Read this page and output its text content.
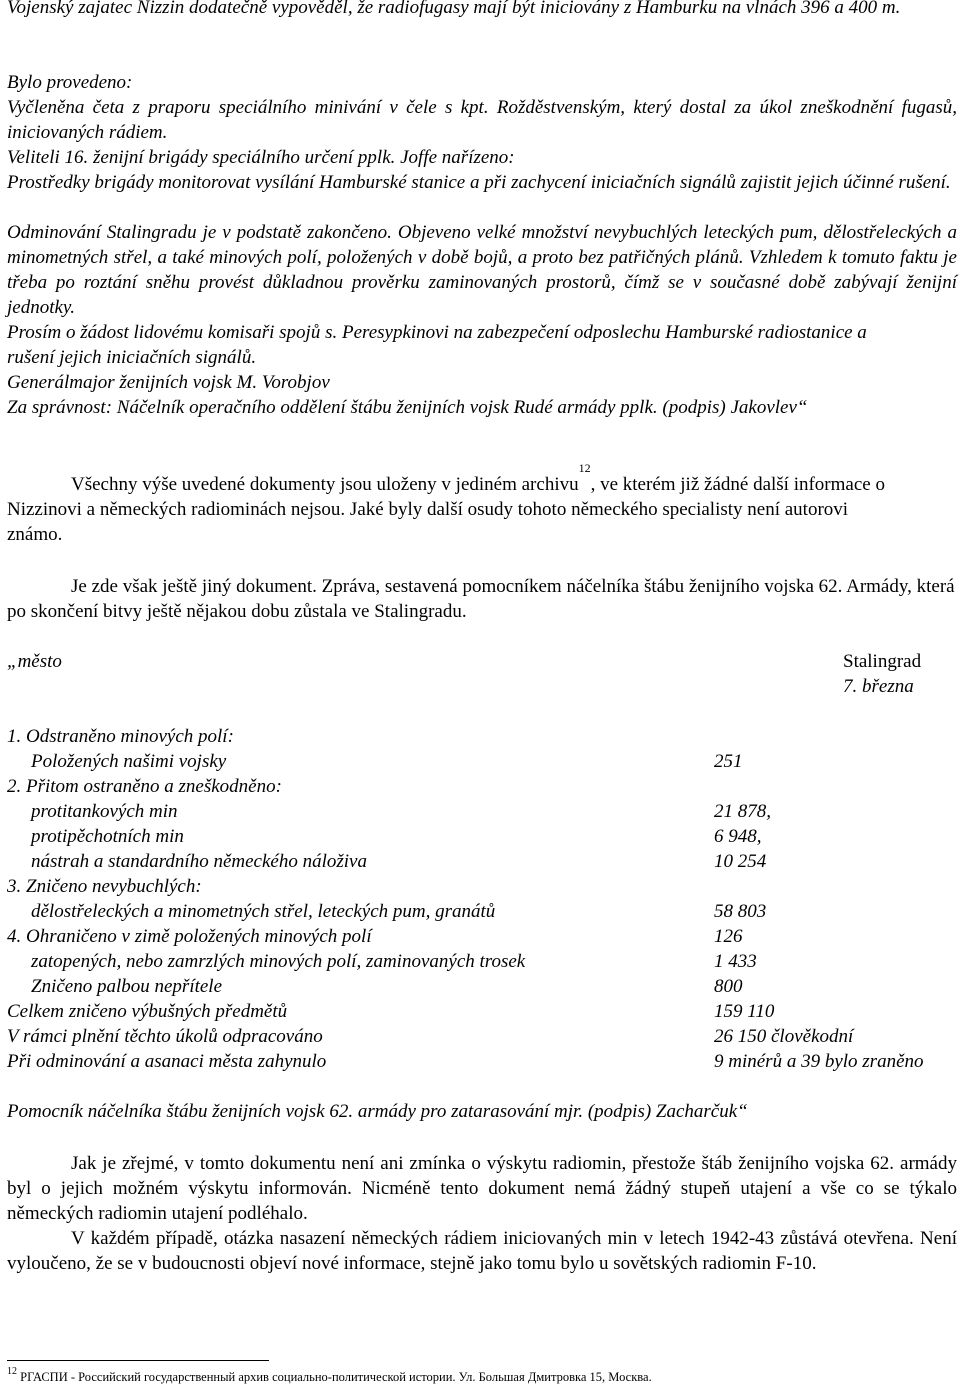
Vojenský zajatec Nizzin dodatečně vypověděl, že radiofugasy mají být iniciovány z Hamburku na vlnách 396 a 400 m.

Bylo provedeno:

Vyčleněna četa z praporu speciálního minivání v čele s kpt. Rožděstvenským, který dostal za úkol zneškodnění fugasů, iniciovaných rádiem.

Veliteli 16. ženijní brigády speciálního určení pplk. Joffe nařízeno:

Prostředky brigády monitorovat vysílání Hamburské stanice a při zachycení iniciačních signálů zajistit jejich účinné rušení.

Odminování Stalingradu je v podstatě zakončeno. Objeveno velké množství nevybuchlých leteckých pum, dělostřeleckých a minometných střel, a také minových polí, položených v době bojů, a proto bez patřičných plánů. Vzhledem k tomuto faktu je třeba po roztání sněhu provést důkladnou prověrku zaminovaných prostorů, čímž se v současné době zabývají ženijní jednotky.

Prosím o žádost lidovému komisaři spojů s. Peresypkinovi na zabezpečení odposlechu Hamburské radiostanice a rušení jejich iniciačních signálů.

Generálmajor ženijních vojsk M. Vorobjov

Za správnost: Náčelník operačního oddělení štábu ženijních vojsk Rudé armády pplk. (podpis) Jakovlev“

Všechny výše uvedené dokumenty jsou uloženy v jediném archivu$^{12}$, ve kterém již žádné další informace o Nizzinovi a německých radiominách nejsou. Jaké byly další osudy tohoto německého specialisty není autorovi známo.

Je zde však ještě jiný dokument. Zpráva, sestavená pomocníkem náčelníka štábu ženijního vojska 62. Armády, která po skončení bitvy ještě nějakou dobu zůstala ve Stalingradu.

„město	Stalingrad
7. března
1. Odstraněno minových polí:
Položených našimi vojsky	251
2. Přitom ostraněno a zneškodněno:
protitankových min	21 878,
protipěchotních min	6 948,
nástrah a standardního německého náloživa	10 254
3. Zničeno nevybuchlých:
dělostřeleckých a minometných střel, leteckých pum, granátů	58 803
4. Ohraničeno v zimě položených minových polí	126
zatopených, nebo zamrzlých minových polí, zaminovaných trosek	1 433
Zničeno palbou nepřítele	800
Celkem zničeno výbušných předmětů	159 110
V rámci plnění těchto úkolů odpracováno	26 150 člověkodní
Při odminování a asanaci města zahynulo	9 minérů a 39 bylo zraněno

Pomocník náčelníka štábu ženijních vojsk 62. armády pro zatarasování mjr. (podpis) Zacharčuk“

Jak je zřejmé, v tomto dokumentu není ani zmínka o výskytu radiomin, přestože štáb ženijního vojska 62. armády byl o jejich možném výskytu informován. Nicméně tento dokument nemá žádný stupeň utajení a vše co se týkalo německých radiomin utajení podléhalo.

V každém případě, otázka nasazení německých rádiem iniciovaných min v letech 1942-43 zůstává otevřena. Není vyloučeno, že se v budoucnosti objeví nové informace, stejně jako tomu bylo u sovětských radiomin F-10.

$^{12}$ РГАСПИ - Российский государственный архив социально-политической истории. Ул. Большая Дмитровка 15, Москва.
